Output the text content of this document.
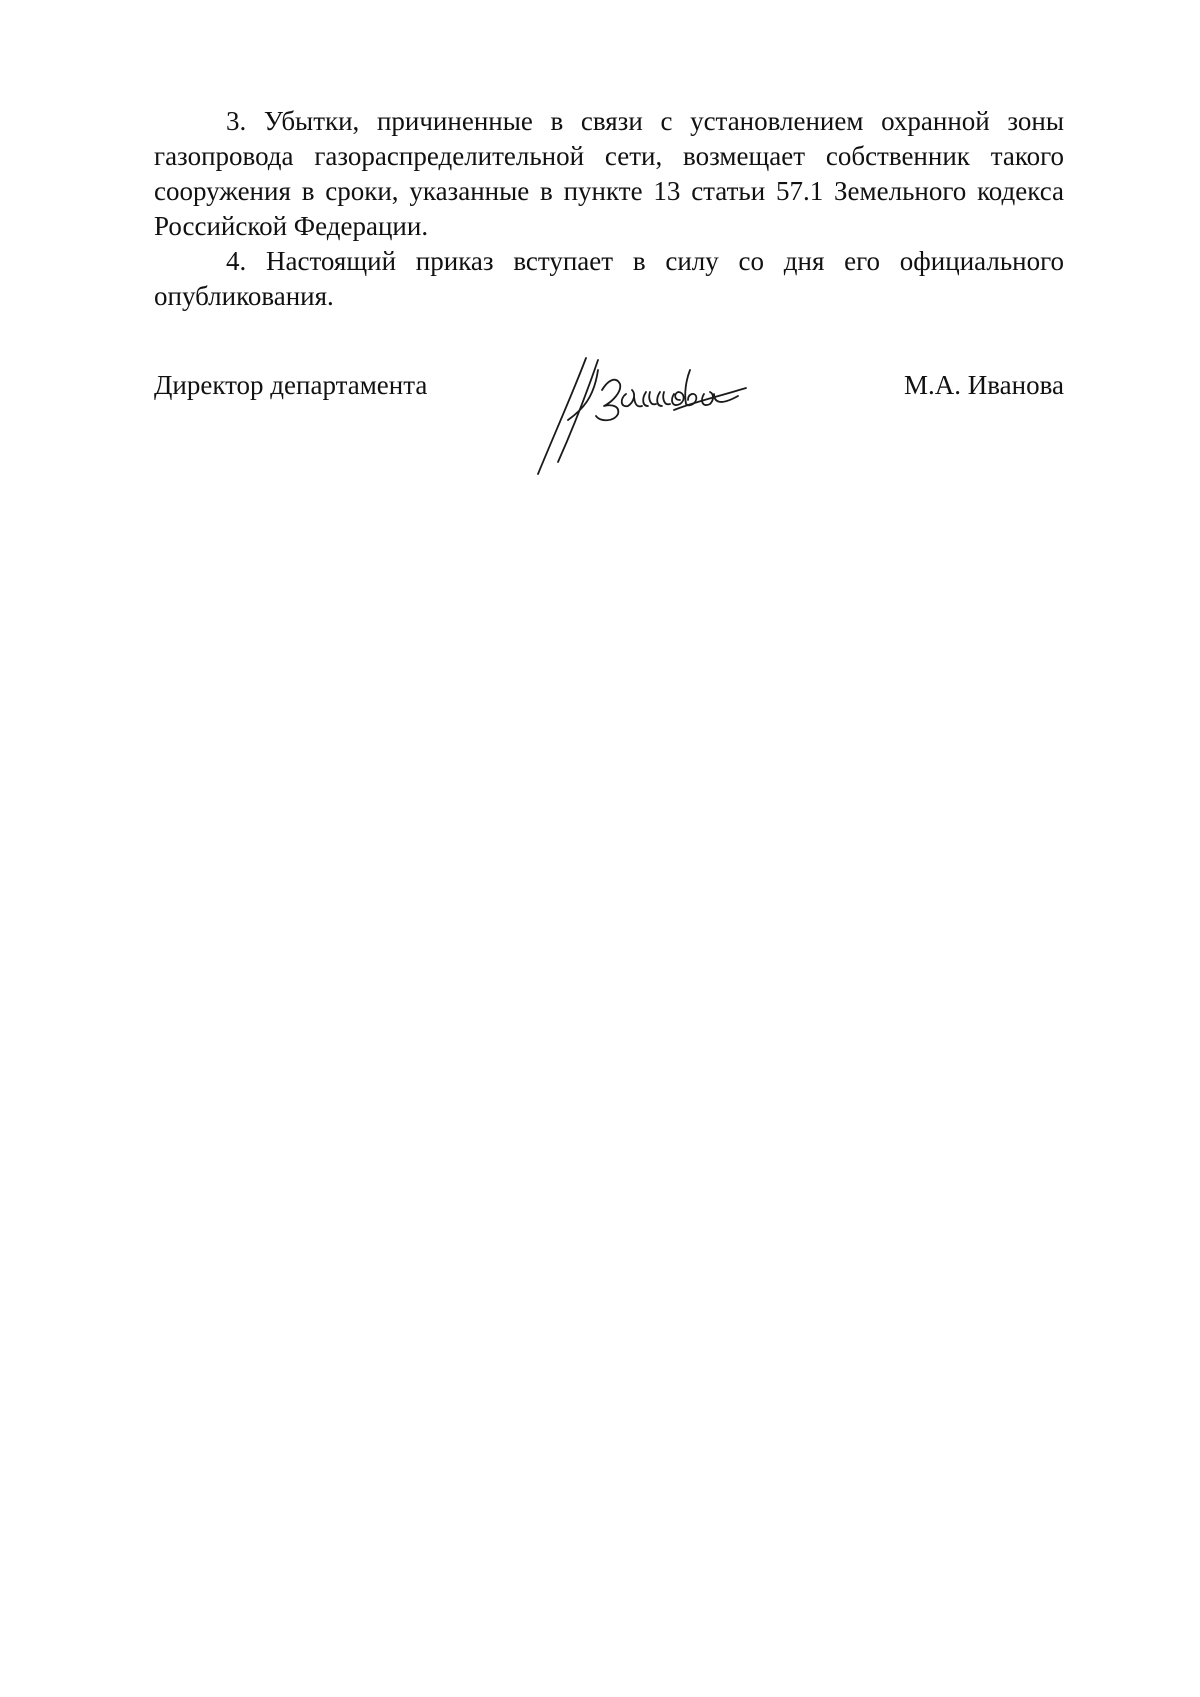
3. Убытки, причиненные в связи с установлением охранной зоны газопровода газораспределительной сети, возмещает собственник такого сооружения в сроки, указанные в пункте 13 статьи 57.1 Земельного кодекса Российской Федерации.

4. Настоящий приказ вступает в силу со дня его официального опубликования.

Директор департамента	М.А. Иванова
